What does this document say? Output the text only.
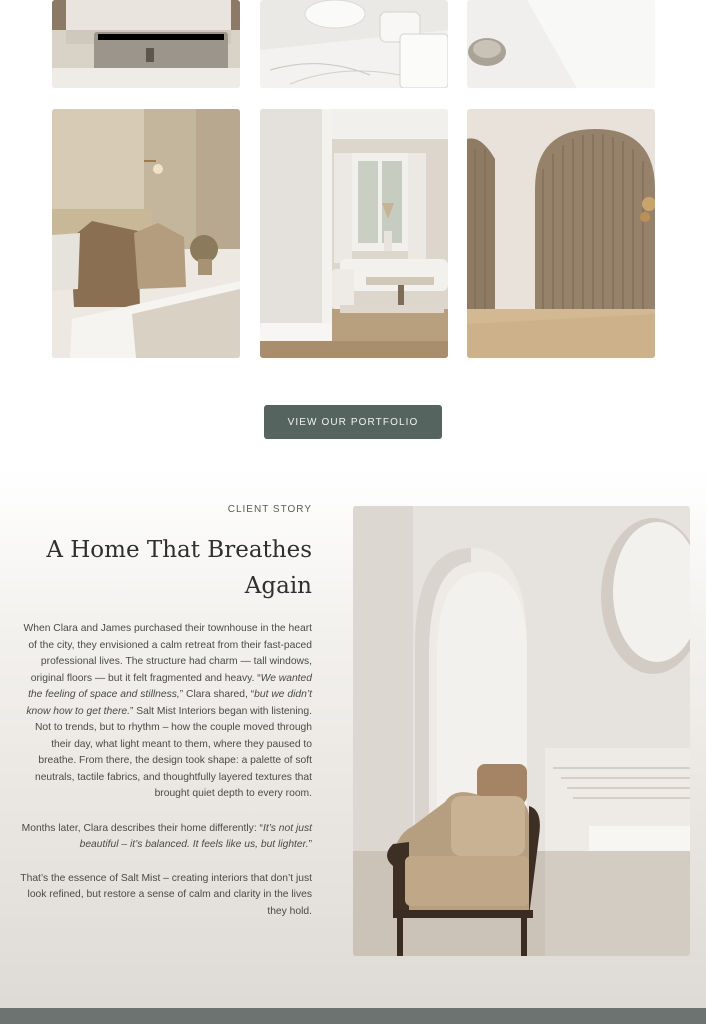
VIEW OUR PORTFOLIO
CLIENT STORY
A Home That Breathes Again

When Clara and James purchased their townhouse in the heart of the city, they envisioned a calm retreat from their fast-paced professional lives. The structure had charm — tall windows, original floors — but it felt fragmented and heavy. “We wanted the feeling of space and stillness,” Clara shared, “but we didn’t know how to get there.” Salt Mist Interiors began with listening. Not to trends, but to rhythm – how the couple moved through their day, what light meant to them, where they paused to breathe. From there, the design took shape: a palette of soft neutrals, tactile fabrics, and thoughtfully layered textures that brought quiet depth to every room.

Months later, Clara describes their home differently: “It’s not just beautiful – it’s balanced. It feels like us, but lighter.”

That’s the essence of Salt Mist – creating interiors that don’t just look refined, but restore a sense of calm and clarity in the lives they hold.
